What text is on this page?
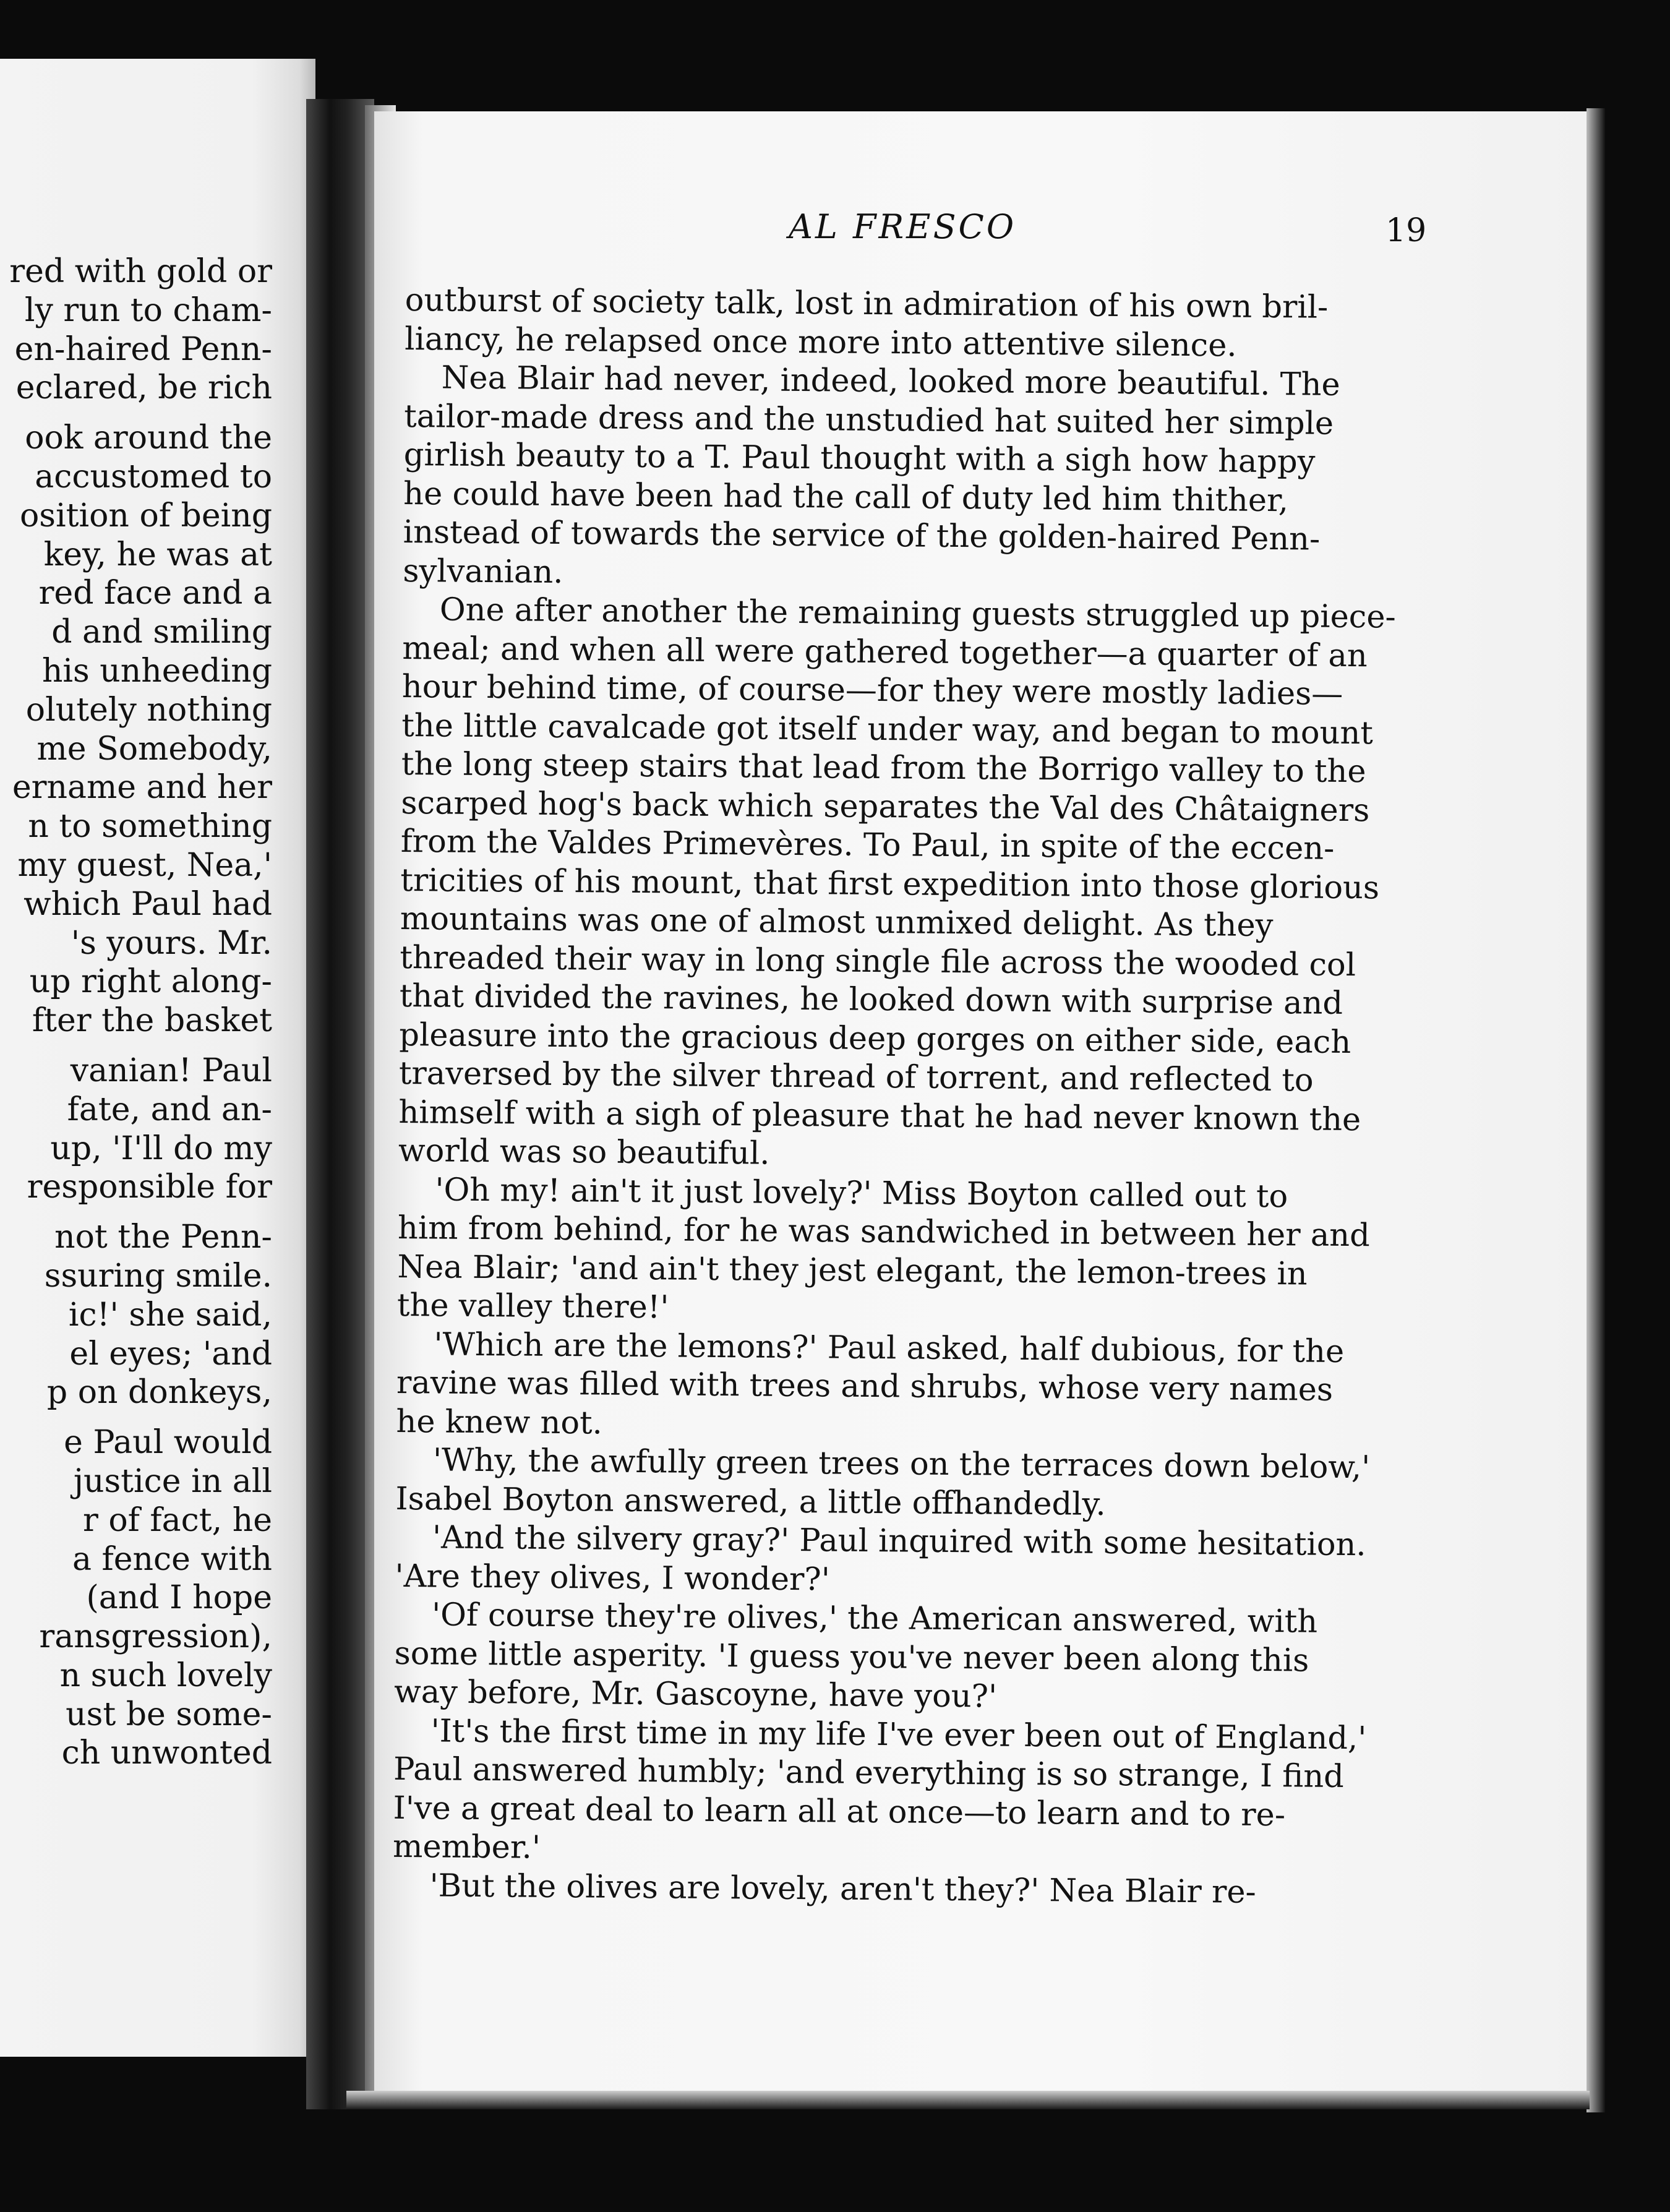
red with gold or
ly run to cham-
en-haired Penn-
eclared, be rich
ook around the
accustomed to
osition of being
key, he was at
red face and a
d and smiling
his unheeding
olutely nothing
me Somebody,
ername and her
n to something
my guest, Nea,'
which Paul had
's yours. Mr.
up right along-
fter the basket
vanian! Paul
fate, and an-
up, 'I'll do my
responsible for
not the Penn-
ssuring smile.
ic!' she said,
el eyes; 'and
p on donkeys,
e Paul would
justice in all
r of fact, he
a fence with
(and I hope
ransgression),
n such lovely
ust be some-
ch unwonted
AL FRESCO	19
outburst of society talk, lost in admiration of his own bril-
liancy, he relapsed once more into attentive silence.
Nea Blair had never, indeed, looked more beautiful. The
tailor-made dress and the unstudied hat suited her simple
girlish beauty to a T. Paul thought with a sigh how happy
he could have been had the call of duty led him thither,
instead of towards the service of the golden-haired Penn-
sylvanian.
One after another the remaining guests struggled up piece-
meal; and when all were gathered together—a quarter of an
hour behind time, of course—for they were mostly ladies—
the little cavalcade got itself under way, and began to mount
the long steep stairs that lead from the Borrigo valley to the
scarped hog's back which separates the Val des Châtaigners
from the Valdes Primevères. To Paul, in spite of the eccen-
tricities of his mount, that first expedition into those glorious
mountains was one of almost unmixed delight. As they
threaded their way in long single file across the wooded col
that divided the ravines, he looked down with surprise and
pleasure into the gracious deep gorges on either side, each
traversed by the silver thread of torrent, and reflected to
himself with a sigh of pleasure that he had never known the
world was so beautiful.
'Oh my! ain't it just lovely?' Miss Boyton called out to
him from behind, for he was sandwiched in between her and
Nea Blair; 'and ain't they jest elegant, the lemon-trees in
the valley there!'
'Which are the lemons?' Paul asked, half dubious, for the
ravine was filled with trees and shrubs, whose very names
he knew not.
'Why, the awfully green trees on the terraces down below,'
Isabel Boyton answered, a little offhandedly.
'And the silvery gray?' Paul inquired with some hesitation.
'Are they olives, I wonder?'
'Of course they're olives,' the American answered, with
some little asperity. 'I guess you've never been along this
way before, Mr. Gascoyne, have you?'
'It's the first time in my life I've ever been out of England,'
Paul answered humbly; 'and everything is so strange, I find
I've a great deal to learn all at once—to learn and to re-
member.'
'But the olives are lovely, aren't they?' Nea Blair re-
